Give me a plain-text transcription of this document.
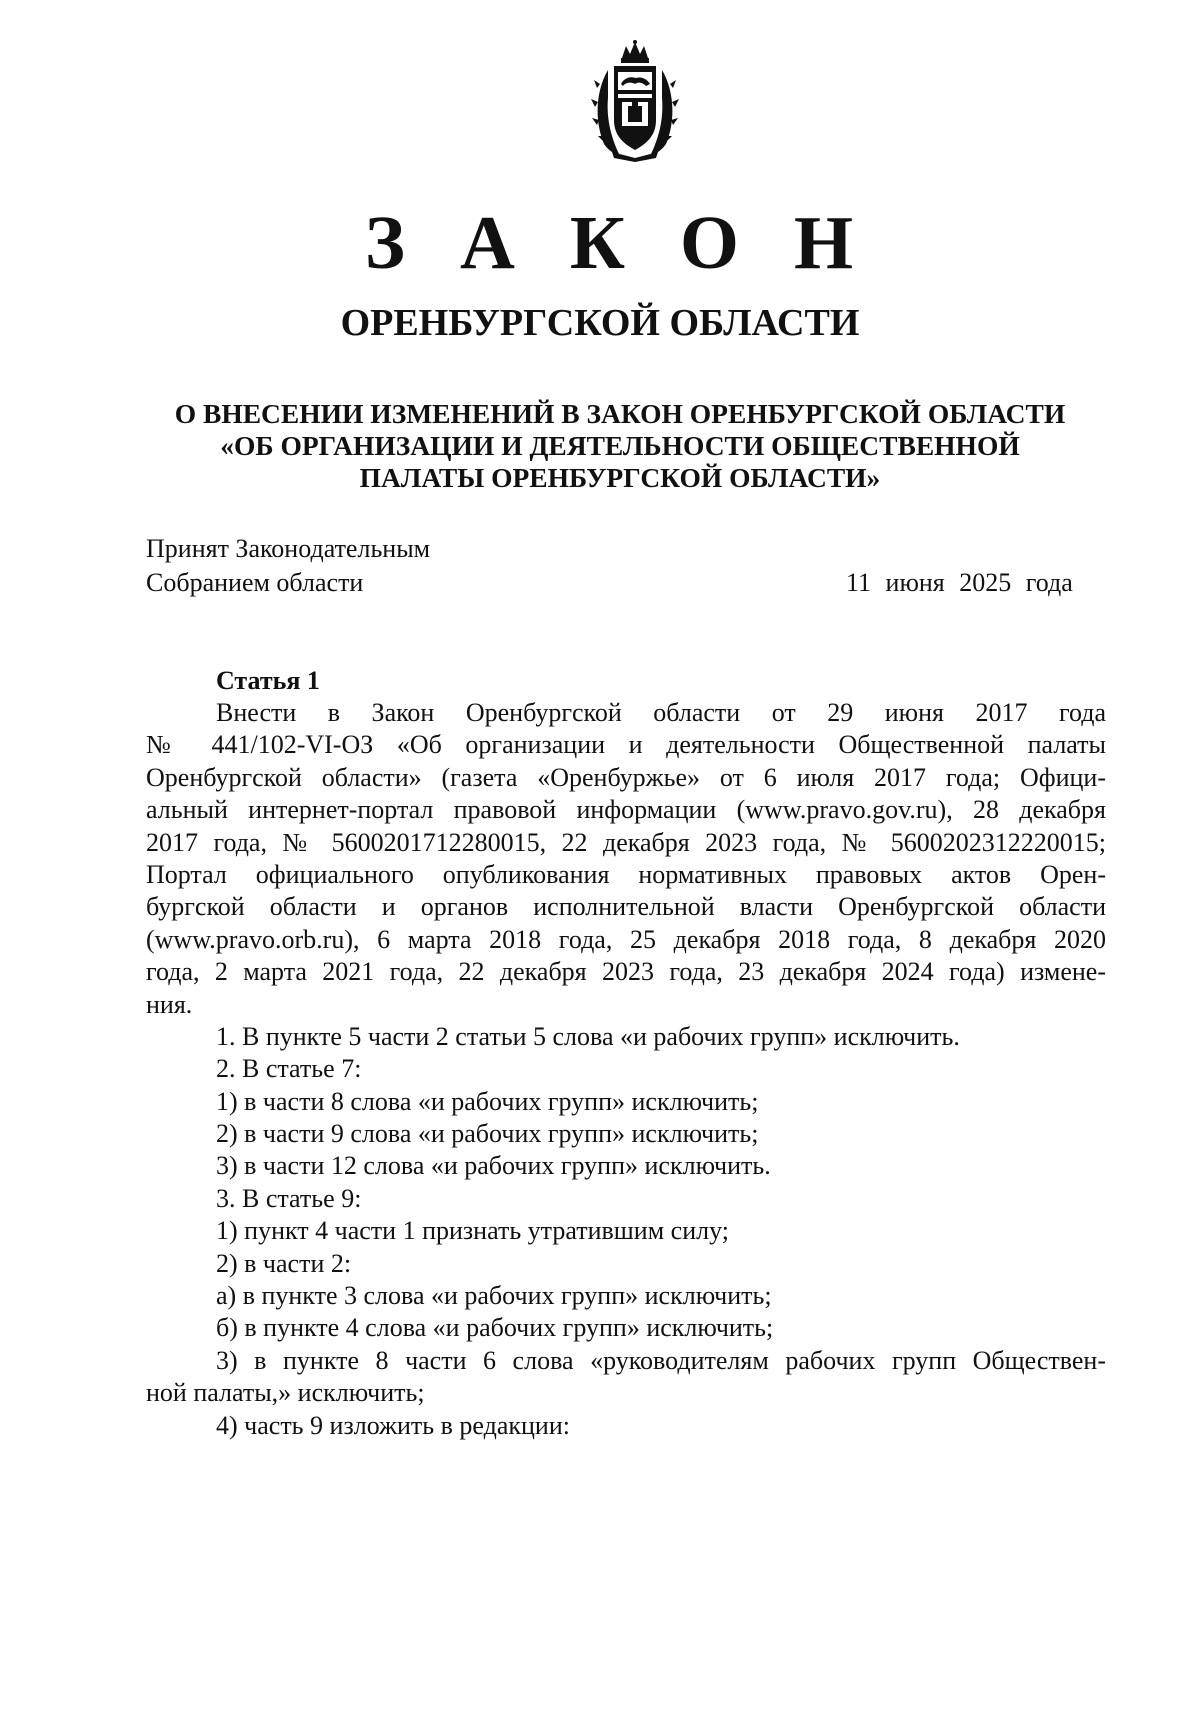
З А К О Н
ОРЕНБУРГСКОЙ ОБЛАСТИ
О ВНЕСЕНИИ ИЗМЕНЕНИЙ В ЗАКОН ОРЕНБУРГСКОЙ ОБЛАСТИ
«ОБ ОРГАНИЗАЦИИ И ДЕЯТЕЛЬНОСТИ ОБЩЕСТВЕННОЙ
ПАЛАТЫ ОРЕНБУРГСКОЙ ОБЛАСТИ»
Принят Законодательным
Собранием области	11 июня 2025 года
Статья 1
Внести в Закон Оренбургской области от 29 июня 2017 года
№ 441/102-VI-ОЗ «Об организации и деятельности Общественной палаты
Оренбургской области» (газета «Оренбуржье» от 6 июля 2017 года; Офици-
альный интернет-портал правовой информации (www.pravo.gov.ru), 28 декабря
2017 года, № 5600201712280015, 22 декабря 2023 года, № 5600202312220015;
Портал официального опубликования нормативных правовых актов Орен-
бургской области и органов исполнительной власти Оренбургской области
(www.pravo.orb.ru), 6 марта 2018 года, 25 декабря 2018 года, 8 декабря 2020
года, 2 марта 2021 года, 22 декабря 2023 года, 23 декабря 2024 года) измене-
ния.
1. В пункте 5 части 2 статьи 5 слова «и рабочих групп» исключить.
2. В статье 7:
1) в части 8 слова «и рабочих групп» исключить;
2) в части 9 слова «и рабочих групп» исключить;
3) в части 12 слова «и рабочих групп» исключить.
3. В статье 9:
1) пункт 4 части 1 признать утратившим силу;
2) в части 2:
а) в пункте 3 слова «и рабочих групп» исключить;
б) в пункте 4 слова «и рабочих групп» исключить;
3) в пункте 8 части 6 слова «руководителям рабочих групп Обществен-
ной палаты,» исключить;
4) часть 9 изложить в редакции:
